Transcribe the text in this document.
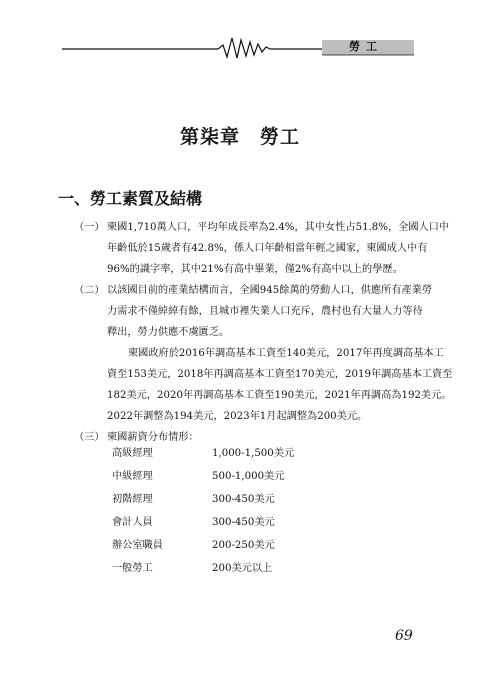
勞工
第柒章　勞工
一、勞工素質及結構
（一） 柬國1,710萬人口，平均年成長率為2.4%，其中女性占51.8%，全國人口中
年齡低於15歲者有42.8%，係人口年齡相當年輕之國家，柬國成人中有
96%的識字率，其中21%有高中畢業，僅2%有高中以上的學歷。
（二） 以該國目前的產業結構而言，全國945餘萬的勞動人口，供應所有產業勞
力需求不僅綽綽有餘，且城市裡失業人口充斥，農村也有大量人力等待
釋出，勞力供應不虞匱乏。
柬國政府於2016年調高基本工資至140美元，2017年再度調高基本工
資至153美元，2018年再調高基本工資至170美元，2019年調高基本工資至
182美元，2020年再調高基本工資至190美元，2021年再調高為192美元。
2022年調整為194美元，2023年1月起調整為200美元。
（三） 柬國薪資分布情形：
高級經理	1,000-1,500美元
中級經理	500-1,000美元
初階經理	300-450美元
會計人員	300-450美元
辦公室職員	200-250美元
一般勞工	200美元以上
69
